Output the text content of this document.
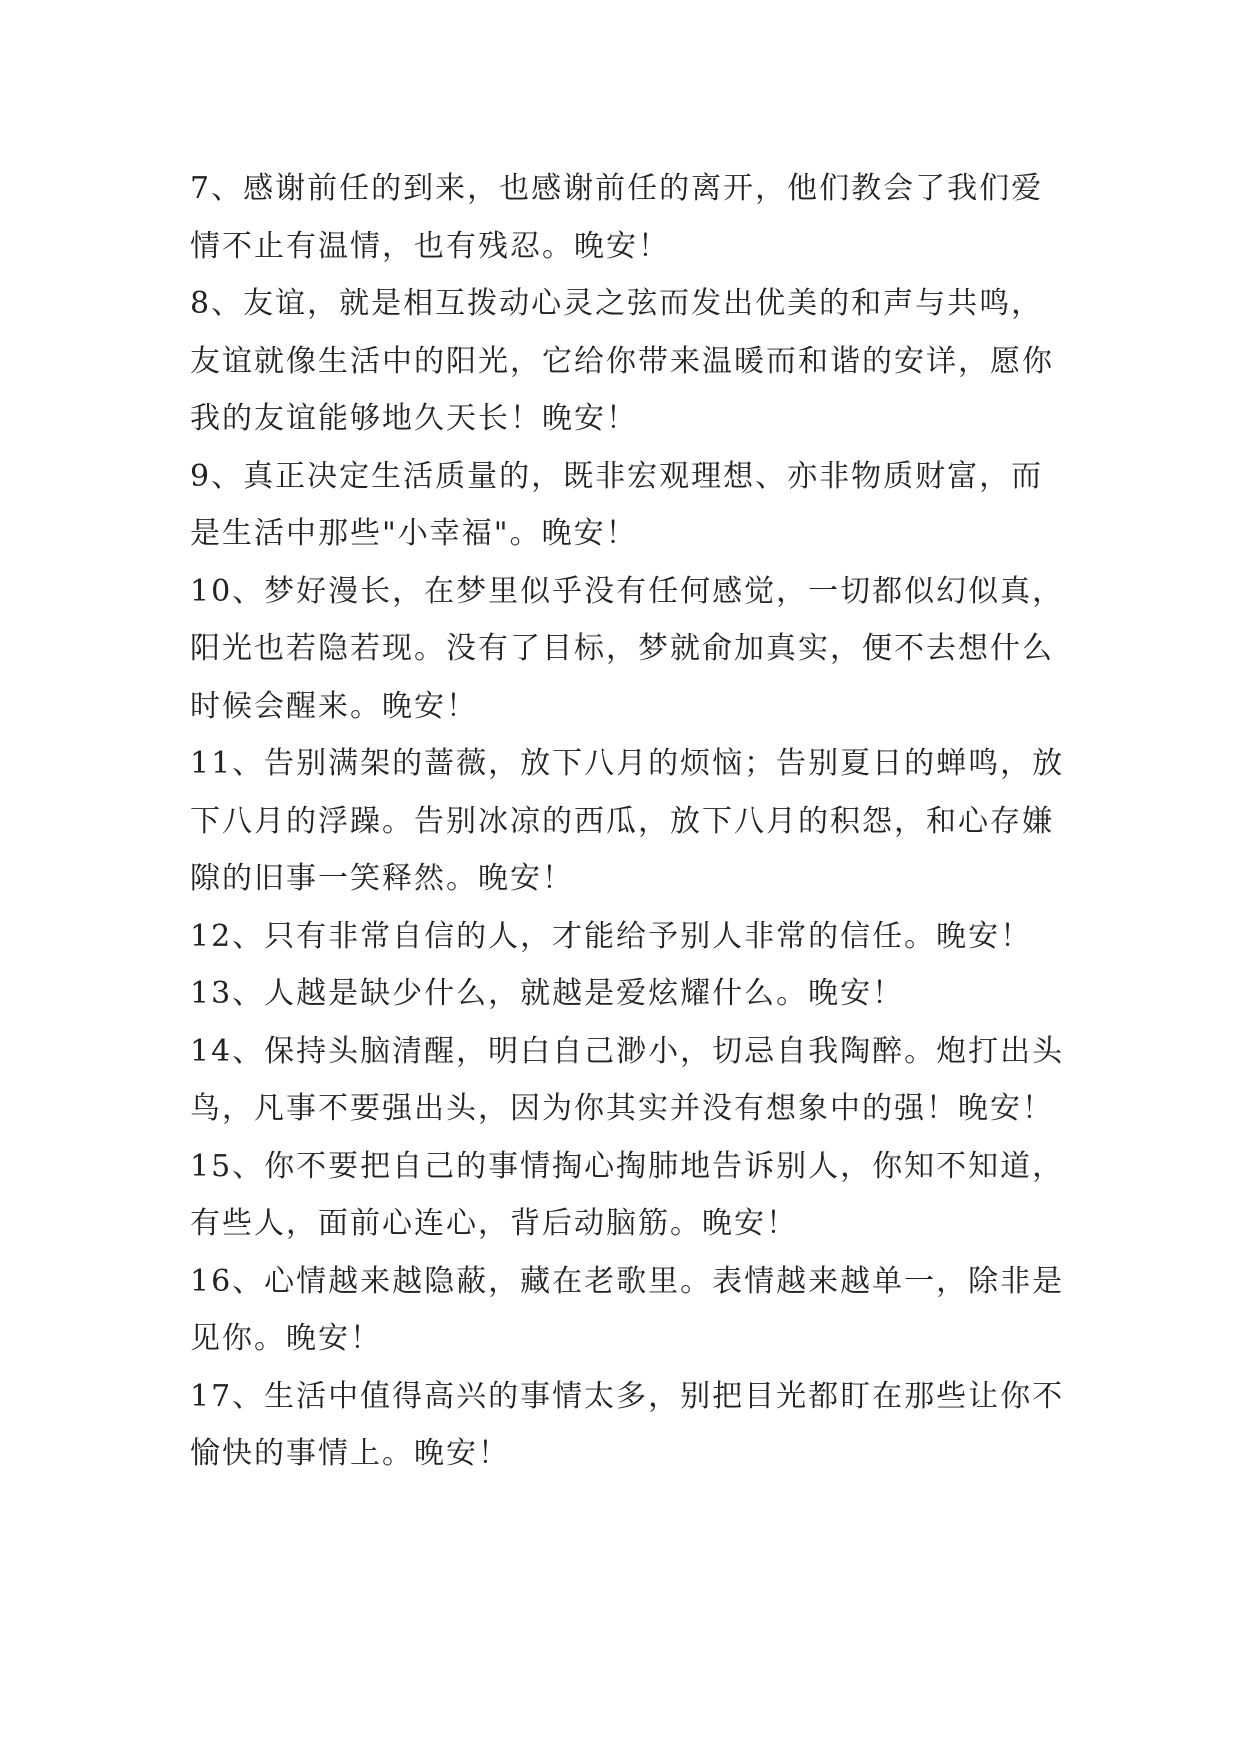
7、感谢前任的到来，也感谢前任的离开，他们教会了我们爱情不止有温情，也有残忍。晚安！

8、友谊，就是相互拨动心灵之弦而发出优美的和声与共鸣，友谊就像生活中的阳光，它给你带来温暖而和谐的安详，愿你我的友谊能够地久天长！晚安！

9、真正决定生活质量的，既非宏观理想、亦非物质财富，而是生活中那些"小幸福"。晚安！

10、梦好漫长，在梦里似乎没有任何感觉，一切都似幻似真，阳光也若隐若现。没有了目标，梦就俞加真实，便不去想什么时候会醒来。晚安！

11、告别满架的蔷薇，放下八月的烦恼；告别夏日的蝉鸣，放下八月的浮躁。告别冰凉的西瓜，放下八月的积怨，和心存嫌隙的旧事一笑释然。晚安！

12、只有非常自信的人，才能给予别人非常的信任。晚安！

13、人越是缺少什么，就越是爱炫耀什么。晚安！

14、保持头脑清醒，明白自己渺小，切忌自我陶醉。炮打出头鸟，凡事不要强出头，因为你其实并没有想象中的强！晚安！

15、你不要把自己的事情掏心掏肺地告诉别人，你知不知道，有些人，面前心连心，背后动脑筋。晚安！

16、心情越来越隐蔽，藏在老歌里。表情越来越单一，除非是见你。晚安！

17、生活中值得高兴的事情太多，别把目光都盯在那些让你不愉快的事情上。晚安！
